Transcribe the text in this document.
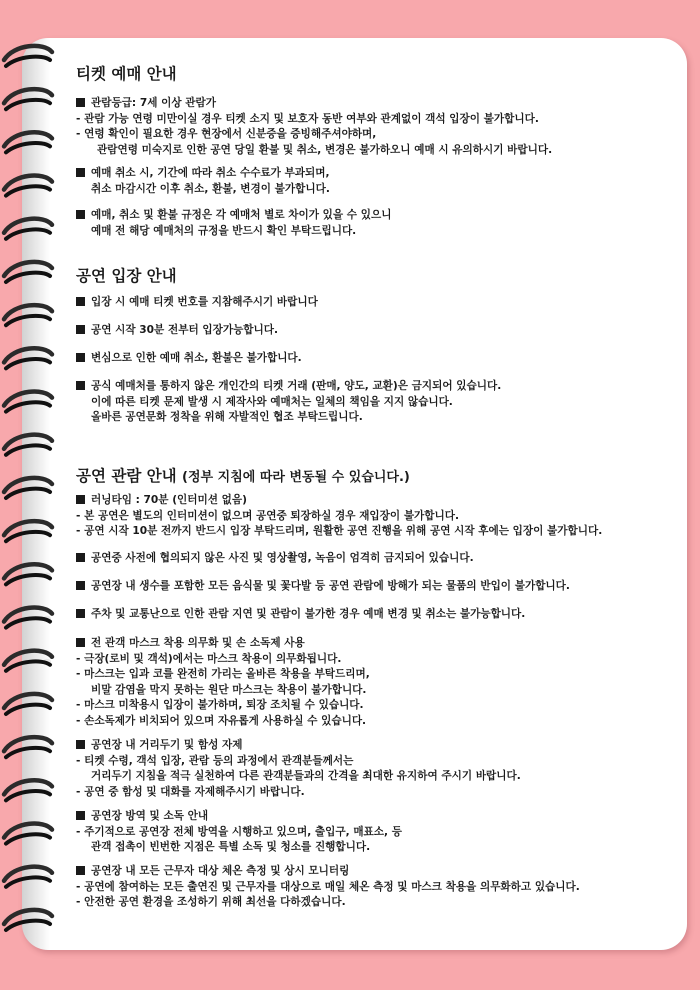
티켓 예매 안내
관람등급: 7세 이상 관람가
- 관람 가능 연령 미만이실 경우 티켓 소지 및 보호자 동반 여부와 관계없이 객석 입장이 불가합니다.
- 연령 확인이 필요한 경우 현장에서 신분증을 증빙해주셔야하며,
관람연령 미숙지로 인한 공연 당일 환불 및 취소, 변경은 불가하오니 예매 시 유의하시기 바랍니다.
예매 취소 시, 기간에 따라 취소 수수료가 부과되며,
취소 마감시간 이후 취소, 환불, 변경이 불가합니다.
예매, 취소 및 환불 규정은 각 예매처 별로 차이가 있을 수 있으니
예매 전 해당 예매처의 규정을 반드시 확인 부탁드립니다.
공연 입장 안내
입장 시 예매 티켓 번호를 지참해주시기 바랍니다
공연 시작 30분 전부터 입장가능합니다.
변심으로 인한 예매 취소, 환불은 불가합니다.
공식 예매처를 통하지 않은 개인간의 티켓 거래 (판매, 양도, 교환)은 금지되어 있습니다.
이에 따른 티켓 문제 발생 시 제작사와 예매처는 일체의 책임을 지지 않습니다.
올바른 공연문화 정착을 위해 자발적인 협조 부탁드립니다.
공연 관람 안내 (정부 지침에 따라 변동될 수 있습니다.)
러닝타임 : 70분 (인터미션 없음)
- 본 공연은 별도의 인터미션이 없으며 공연중 퇴장하실 경우 재입장이 불가합니다.
- 공연 시작 10분 전까지 반드시 입장 부탁드리며, 원활한 공연 진행을 위해 공연 시작 후에는 입장이 불가합니다.
공연중 사전에 협의되지 않은 사진 및 영상촬영, 녹음이 엄격히 금지되어 있습니다.
공연장 내 생수를 포함한 모든 음식물 및 꽃다발 등 공연 관람에 방해가 되는 물품의 반입이 불가합니다.
주차 및 교통난으로 인한 관람 지연 및 관람이 불가한 경우 예매 변경 및 취소는 불가능합니다.
전 관객 마스크 착용 의무화 및 손 소독제 사용
- 극장(로비 및 객석)에서는 마스크 착용이 의무화됩니다.
- 마스크는 입과 코를 완전히 가리는 올바른 착용을 부탁드리며,
비말 감염을 막지 못하는 원단 마스크는 착용이 불가합니다.
- 마스크 미착용시 입장이 불가하며, 퇴장 조치될 수 있습니다.
- 손소독제가 비치되어 있으며 자유롭게 사용하실 수 있습니다.
공연장 내 거리두기 및 함성 자제
- 티켓 수령, 객석 입장, 관람 등의 과정에서 관객분들께서는
거리두기 지침을 적극 실천하여 다른 관객분들과의 간격을 최대한 유지하여 주시기 바랍니다.
- 공연 중 함성 및 대화를 자제해주시기 바랍니다.
공연장 방역 및 소독 안내
- 주기적으로 공연장 전체 방역을 시행하고 있으며, 출입구, 매표소, 등
관객 접촉이 빈번한 지점은 특별 소독 및 청소를 진행합니다.
공연장 내 모든 근무자 대상 체온 측정 및 상시 모니터링
- 공연에 참여하는 모든 출연진 및 근무자를 대상으로 매일 체온 측정 및 마스크 착용을 의무화하고 있습니다.
- 안전한 공연 환경을 조성하기 위해 최선을 다하겠습니다.
